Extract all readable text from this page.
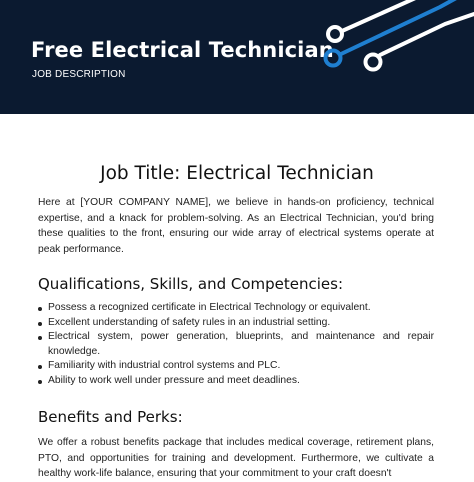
Free Electrical Technician
JOB DESCRIPTION
Job Title: Electrical Technician

Here at [YOUR COMPANY NAME], we believe in hands-on proficiency, technical expertise, and a knack for problem-solving. As an Electrical Technician, you'd bring these qualities to the front, ensuring our wide array of electrical systems operate at peak performance.

Qualifications, Skills, and Competencies:
Possess a recognized certificate in Electrical Technology or equivalent.
Excellent understanding of safety rules in an industrial setting.
Electrical system, power generation, blueprints, and maintenance and repair knowledge.
Familiarity with industrial control systems and PLC.
Ability to work well under pressure and meet deadlines.
Benefits and Perks:

We offer a robust benefits package that includes medical coverage, retirement plans, PTO, and opportunities for training and development. Furthermore, we cultivate a healthy work-life balance, ensuring that your commitment to your craft doesn't
